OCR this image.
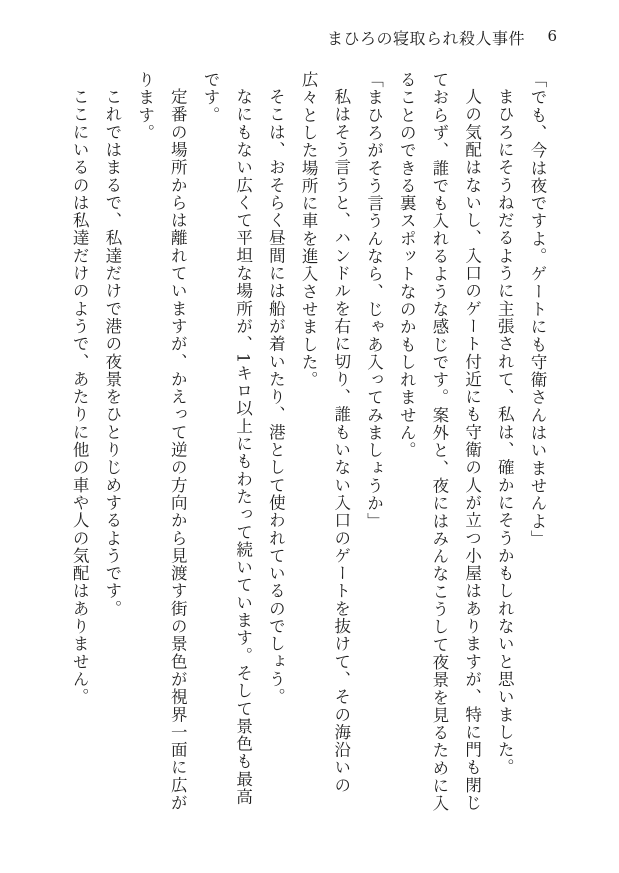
まひろの寝取られ殺人事件 6

「でも、今は夜ですよ。ゲートにも守衛さんはいませんよ」

まひろにそうねだるように主張されて、私は、確かにそうかもしれないと思いました。

人の気配はないし、入口のゲート付近にも守衛の人が立つ小屋はありますが、特に門も閉じておらず、誰でも入れるような感じです。案外と、夜にはみんなこうして夜景を見るために入ることのできる裏スポットなのかもしれません。

「まひろがそう言うんなら、じゃあ入ってみましょうか」

私はそう言うと、ハンドルを右に切り、誰もいない入口のゲートを抜けて、その海沿いの広々とした場所に車を進入させました。

そこは、おそらく昼間には船が着いたり、港として使われているのでしょう。

なにもない広くて平坦な場所が、1キロ以上にもわたって続いています。そして景色も最高です。

定番の場所からは離れていますが、かえって逆の方向から見渡す街の景色が視界一面に広がります。

これではまるで、私達だけで港の夜景をひとりじめするようです。

ここにいるのは私達だけのようで、あたりに他の車や人の気配はありません。
